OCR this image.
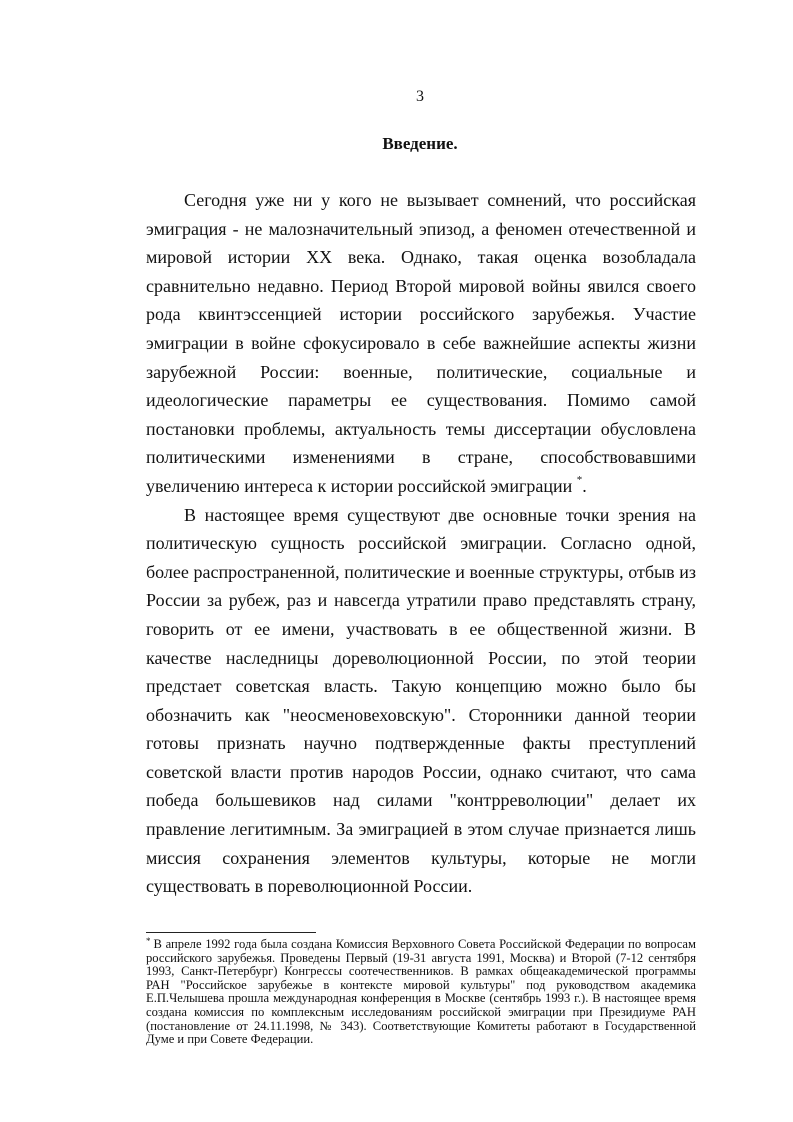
3
Введение.

Сегодня уже ни у кого не вызывает сомнений, что российская эмиграция - не малозначительный эпизод, а феномен отечественной и мировой истории XX века. Однако, такая оценка возобладала сравнительно недавно. Период Второй мировой войны явился своего рода квинтэссенцией истории российского зарубежья. Участие эмиграции в войне сфокусировало в себе важнейшие аспекты жизни зарубежной России: военные, политические, социальные и идеологические параметры ее существования. Помимо самой постановки проблемы, актуальность темы диссертации обусловлена политическими изменениями в стране, способствовавшими увеличению интереса к истории российской эмиграции *.

В настоящее время существуют две основные точки зрения на политическую сущность российской эмиграции. Согласно одной, более распространенной, политические и военные структуры, отбыв из России за рубеж, раз и навсегда утратили право представлять страну, говорить от ее имени, участвовать в ее общественной жизни. В качестве наследницы дореволюционной России, по этой теории предстает советская власть. Такую концепцию можно было бы обозначить как "неосменовеховскую". Сторонники данной теории готовы признать научно подтвержденные факты преступлений советской власти против народов России, однако считают, что сама победа большевиков над силами "контрреволюции" делает их правление легитимным. За эмиграцией в этом случае признается лишь миссия сохранения элементов культуры, которые не могли существовать в пореволюционной России.

* В апреле 1992 года была создана Комиссия Верховного Совета Российской Федерации по вопросам российского зарубежья. Проведены Первый (19-31 августа 1991, Москва) и Второй (7-12 сентября 1993, Санкт-Петербург) Конгрессы соотечественников. В рамках общеакадемической программы РАН "Российское зарубежье в контексте мировой культуры" под руководством академика Е.П.Челышева прошла международная конференция в Москве (сентябрь 1993 г.). В настоящее время создана комиссия по комплексным исследованиям российской эмиграции при Президиуме РАН (постановление от 24.11.1998, № 343). Соответствующие Комитеты работают в Государственной Думе и при Совете Федерации.
